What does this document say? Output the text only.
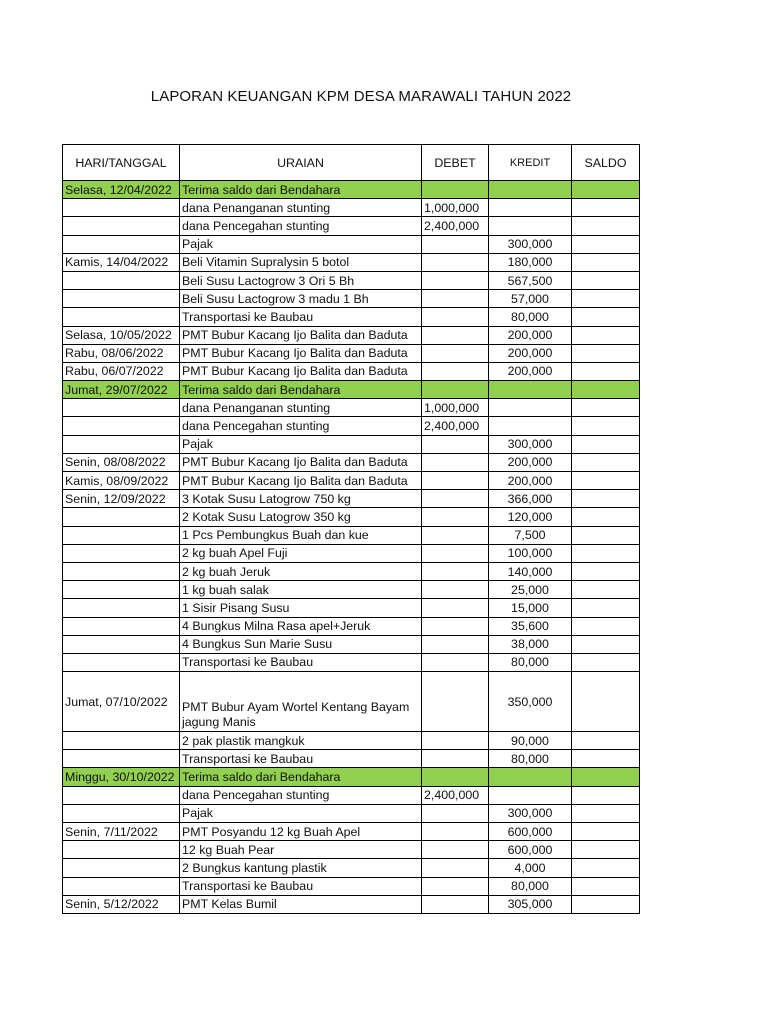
LAPORAN KEUANGAN KPM DESA MARAWALI TAHUN 2022
HARI/TANGGAL	URAIAN	DEBET	KREDIT	SALDO
Selasa, 12/04/2022	Terima saldo dari Bendahara			
	dana Penanganan stunting	1,000,000		
	dana Pencegahan stunting	2,400,000		
	Pajak		300,000	
Kamis, 14/04/2022	Beli Vitamin Supralysin 5 botol		180,000	
	Beli Susu Lactogrow 3 Ori 5 Bh		567,500	
	Beli Susu Lactogrow 3 madu 1 Bh		57,000	
	Transportasi ke Baubau		80,000	
Selasa, 10/05/2022	PMT Bubur Kacang Ijo Balita dan Baduta		200,000	
Rabu, 08/06/2022	PMT Bubur Kacang Ijo Balita dan Baduta		200,000	
Rabu, 06/07/2022	PMT Bubur Kacang Ijo Balita dan Baduta		200,000	
Jumat, 29/07/2022	Terima saldo dari Bendahara			
	dana Penanganan stunting	1,000,000		
	dana Pencegahan stunting	2,400,000		
	Pajak		300,000	
Senin, 08/08/2022	PMT Bubur Kacang Ijo Balita dan Baduta		200,000	
Kamis, 08/09/2022	PMT Bubur Kacang Ijo Balita dan Baduta		200,000	
Senin, 12/09/2022	3 Kotak Susu Latogrow 750 kg		366,000	
	2 Kotak Susu Latogrow 350 kg		120,000	
	1 Pcs Pembungkus Buah dan kue		7,500	
	2 kg buah Apel Fuji		100,000	
	2 kg buah Jeruk		140,000	
	1 kg buah salak		25,000	
	1 Sisir Pisang Susu		15,000	
	4 Bungkus Milna Rasa apel+Jeruk		35,600	
	4 Bungkus Sun Marie Susu		38,000	
	Transportasi ke Baubau		80,000	
Jumat, 07/10/2022	PMT Bubur Ayam Wortel Kentang Bayam jagung Manis		350,000	
	2 pak plastik mangkuk		90,000	
	Transportasi ke Baubau		80,000	
Minggu, 30/10/2022	Terima saldo dari Bendahara			
	dana Pencegahan stunting	2,400,000		
	Pajak		300,000	
Senin, 7/11/2022	PMT Posyandu 12 kg Buah Apel		600,000	
	12 kg Buah Pear		600,000	
	2 Bungkus kantung plastik		4,000	
	Transportasi ke Baubau		80,000	
Senin, 5/12/2022	PMT Kelas Bumil		305,000	
